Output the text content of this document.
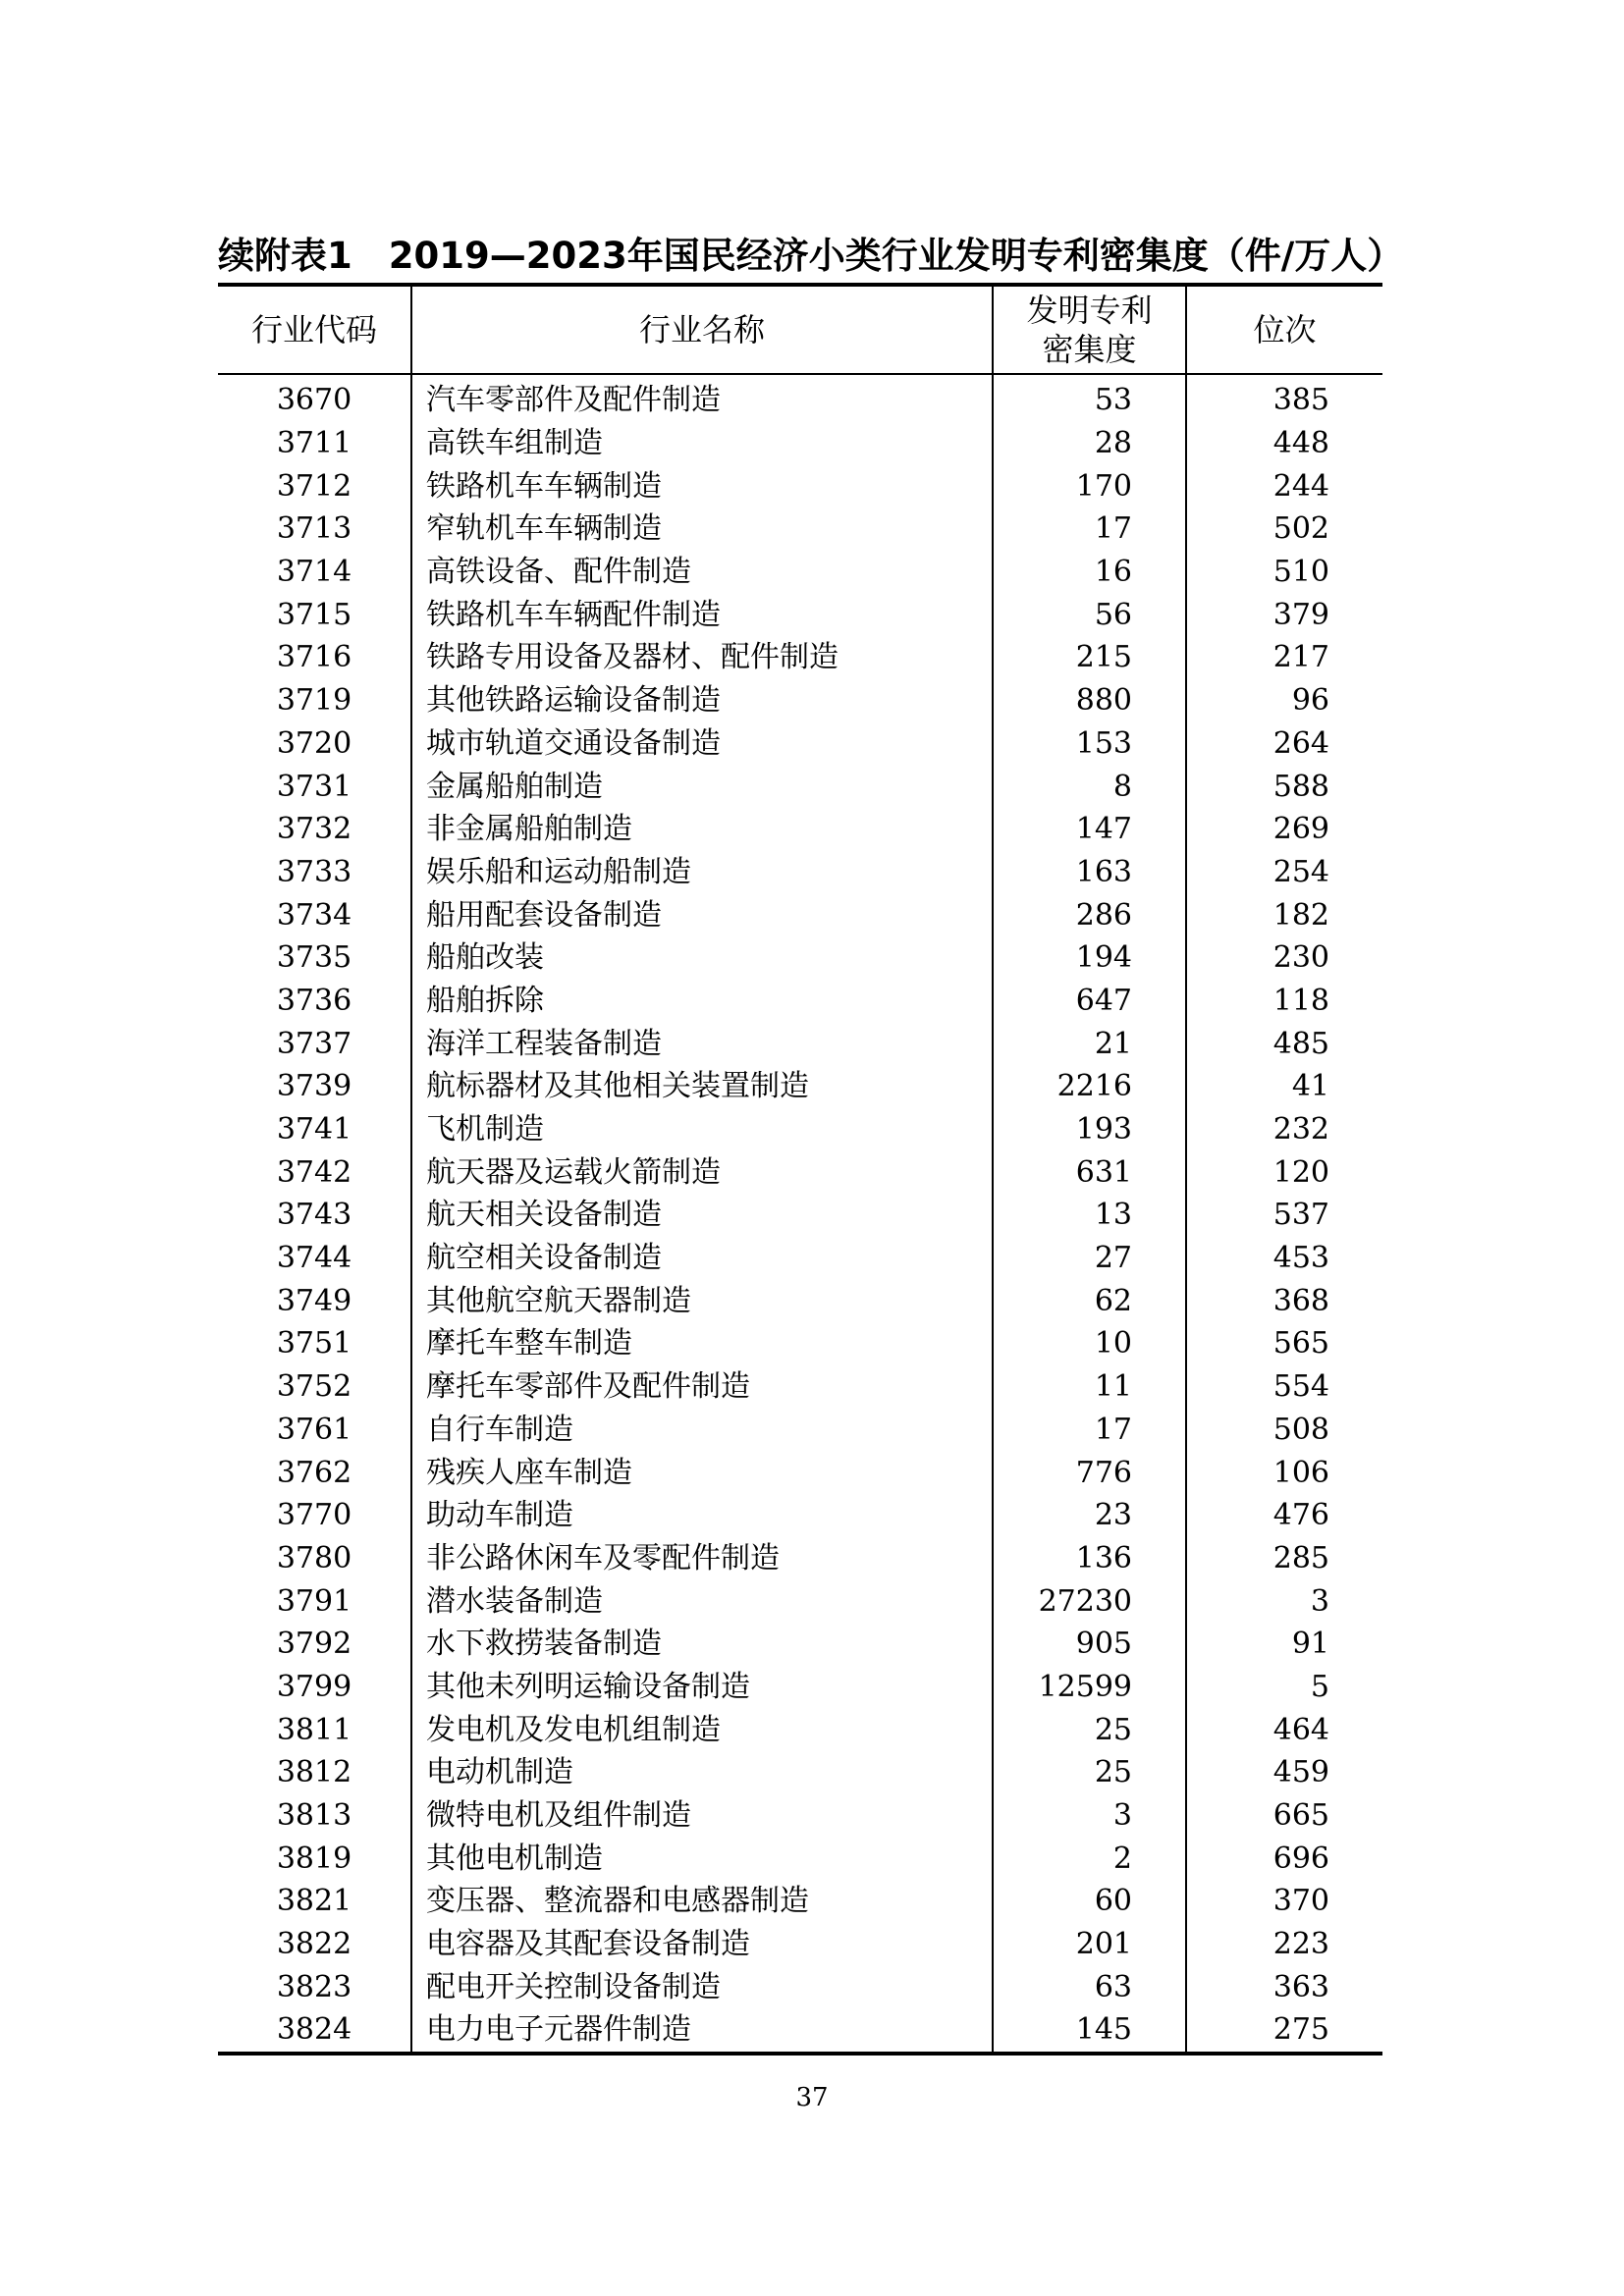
续附表1　2019—2023年国民经济小类行业发明专利密集度（件/万人）
行业代码	行业名称	发明专利
密集度	位次
3670	汽车零部件及配件制造	53	385
3711	高铁车组制造	28	448
3712	铁路机车车辆制造	170	244
3713	窄轨机车车辆制造	17	502
3714	高铁设备、配件制造	16	510
3715	铁路机车车辆配件制造	56	379
3716	铁路专用设备及器材、配件制造	215	217
3719	其他铁路运输设备制造	880	96
3720	城市轨道交通设备制造	153	264
3731	金属船舶制造	8	588
3732	非金属船舶制造	147	269
3733	娱乐船和运动船制造	163	254
3734	船用配套设备制造	286	182
3735	船舶改装	194	230
3736	船舶拆除	647	118
3737	海洋工程装备制造	21	485
3739	航标器材及其他相关装置制造	2216	41
3741	飞机制造	193	232
3742	航天器及运载火箭制造	631	120
3743	航天相关设备制造	13	537
3744	航空相关设备制造	27	453
3749	其他航空航天器制造	62	368
3751	摩托车整车制造	10	565
3752	摩托车零部件及配件制造	11	554
3761	自行车制造	17	508
3762	残疾人座车制造	776	106
3770	助动车制造	23	476
3780	非公路休闲车及零配件制造	136	285
3791	潜水装备制造	27230	3
3792	水下救捞装备制造	905	91
3799	其他未列明运输设备制造	12599	5
3811	发电机及发电机组制造	25	464
3812	电动机制造	25	459
3813	微特电机及组件制造	3	665
3819	其他电机制造	2	696
3821	变压器、整流器和电感器制造	60	370
3822	电容器及其配套设备制造	201	223
3823	配电开关控制设备制造	63	363
3824	电力电子元器件制造	145	275
37
